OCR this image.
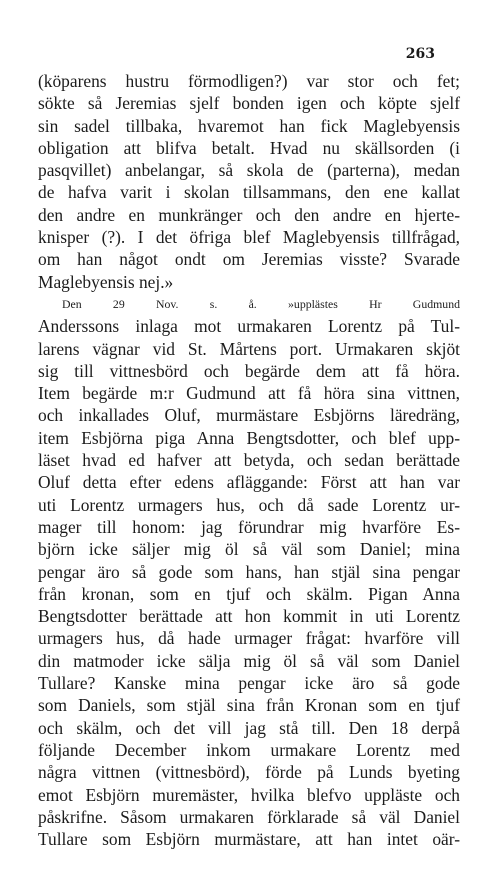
263
(köparens hustru förmodligen?) var stor och fet;
sökte så Jeremias sjelf bonden igen och köpte sjelf
sin sadel tillbaka, hvaremot han fick Maglebyensis
obligation att blifva betalt. Hvad nu skällsorden (i
pasqvillet) anbelangar, så skola de (parterna), medan
de hafva varit i skolan tillsammans, den ene kallat
den andre en munkränger och den andre en hjerte-
knisper (?). I det öfriga blef Maglebyensis tillfrågad,
om han något ondt om Jeremias visste? Svarade
Maglebyensis nej.»
Den 29 Nov. s. å. »upplästes Hr Gudmund
Anderssons inlaga mot urmakaren Lorentz på Tul-
larens vägnar vid St. Mårtens port. Urmakaren skjöt
sig till vittnesbörd och begärde dem att få höra.
Item begärde m:r Gudmund att få höra sina vittnen,
och inkallades Oluf, murmästare Esbjörns läredräng,
item Esbjörna piga Anna Bengtsdotter, och blef upp-
läset hvad ed hafver att betyda, och sedan berättade
Oluf detta efter edens afläggande: Först att han var
uti Lorentz urmagers hus, och då sade Lorentz ur-
mager till honom: jag förundrar mig hvarföre Es-
björn icke säljer mig öl så väl som Daniel; mina
pengar äro så gode som hans, han stjäl sina pengar
från kronan, som en tjuf och skälm. Pigan Anna
Bengtsdotter berättade att hon kommit in uti Lorentz
urmagers hus, då hade urmager frågat: hvarföre vill
din matmoder icke sälja mig öl så väl som Daniel
Tullare? Kanske mina pengar icke äro så gode
som Daniels, som stjäl sina från Kronan som en tjuf
och skälm, och det vill jag stå till. Den 18 derpå
följande December inkom urmakare Lorentz med
några vittnen (vittnesbörd), förde på Lunds byeting
emot Esbjörn muremäster, hvilka blefvo uppläste och
påskrifne. Såsom urmakaren förklarade så väl Daniel
Tullare som Esbjörn murmästare, att han intet oär-
